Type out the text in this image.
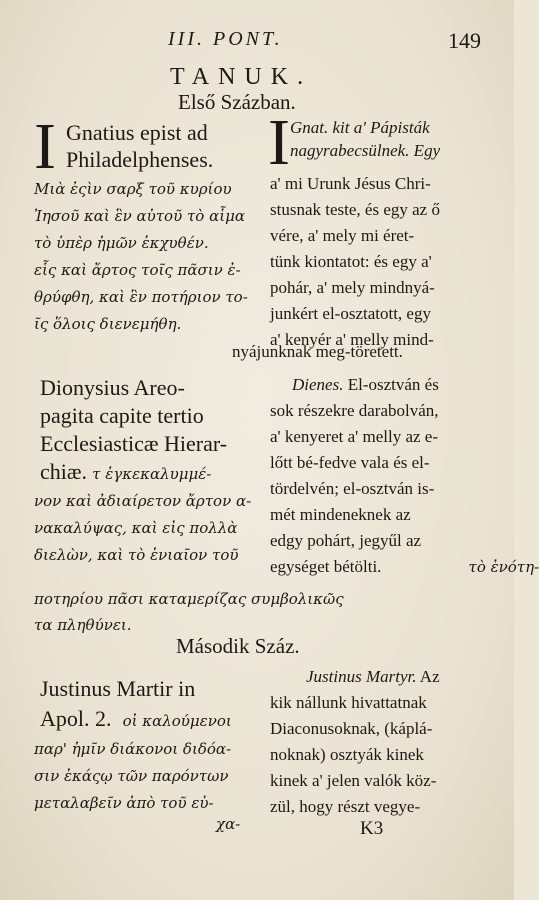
III. PONT.	149
TANUK.
Első Százban.
I Gnatius epist ad
Philadelphenses.
Μιὰ ἐςὶν σαρξ τοῦ κυρίου
Ἰησοῦ καὶ ἓν αὐτοῦ τὸ αἷμα
τὸ ὑπὲρ ἡμῶν ἐκχυθέν.
εἷς καὶ ἄρτος τοῖς πᾶσιν ἐ-
θρύφθη, καὶ ἓν ποτήριον το-
ῖς ὅλοις διενεμήθη.
I Gnat. kit a' Pápisták
nagyrabecsülnek. Egy
a' mi Urunk Jésus Chri-
stusnak teste, és egy az ő
vére, a' mely mi éret-
tünk kiontatot: és egy a'
pohár, a' mely mindnyá-
junkért el-osztatott, egy
a' kenyér a' melly mind-
nyájunknak meg-töretett.
Dionysius Areo-
pagita capite tertio
Ecclesiasticæ Hierar-
chiæ. τ ἐγκεκαλυμμέ-
νον καὶ ἀδιαίρετον ἄρτον α-
νακαλύψας, καὶ εἰς πολλὰ
διελὼν, καὶ τὸ ἑνιαῖον τοῦ
Dienes. El-osztván és
sok részekre darabolván,
a' kenyeret a' melly az e-
lőtt bé-fedve vala és el-
tördelvén; el-osztván is-
mét mindeneknek az
edgy pohárt, jegyűl az
egységet bétölti.	τὸ ἑνότη-
ποτηρίου πᾶσι καταμερίζας συμβολικῶς
τα πληθύνει.
Második Száz.
Justinus Martir in
Apol. 2. οἱ καλούμενοι
παρ' ἡμῖν διάκονοι διδόα-
σιν ἑκάςῳ τῶν παρόντων
μεταλαβεῖν ἀπὸ τοῦ εὐ-
χα-
Justinus Martyr. Az
kik nállunk hivattatnak
Diaconusoknak, (káplá-
noknak) osztyák kinek
kinek a' jelen valók köz-
zül, hogy részt vegye-
K3
